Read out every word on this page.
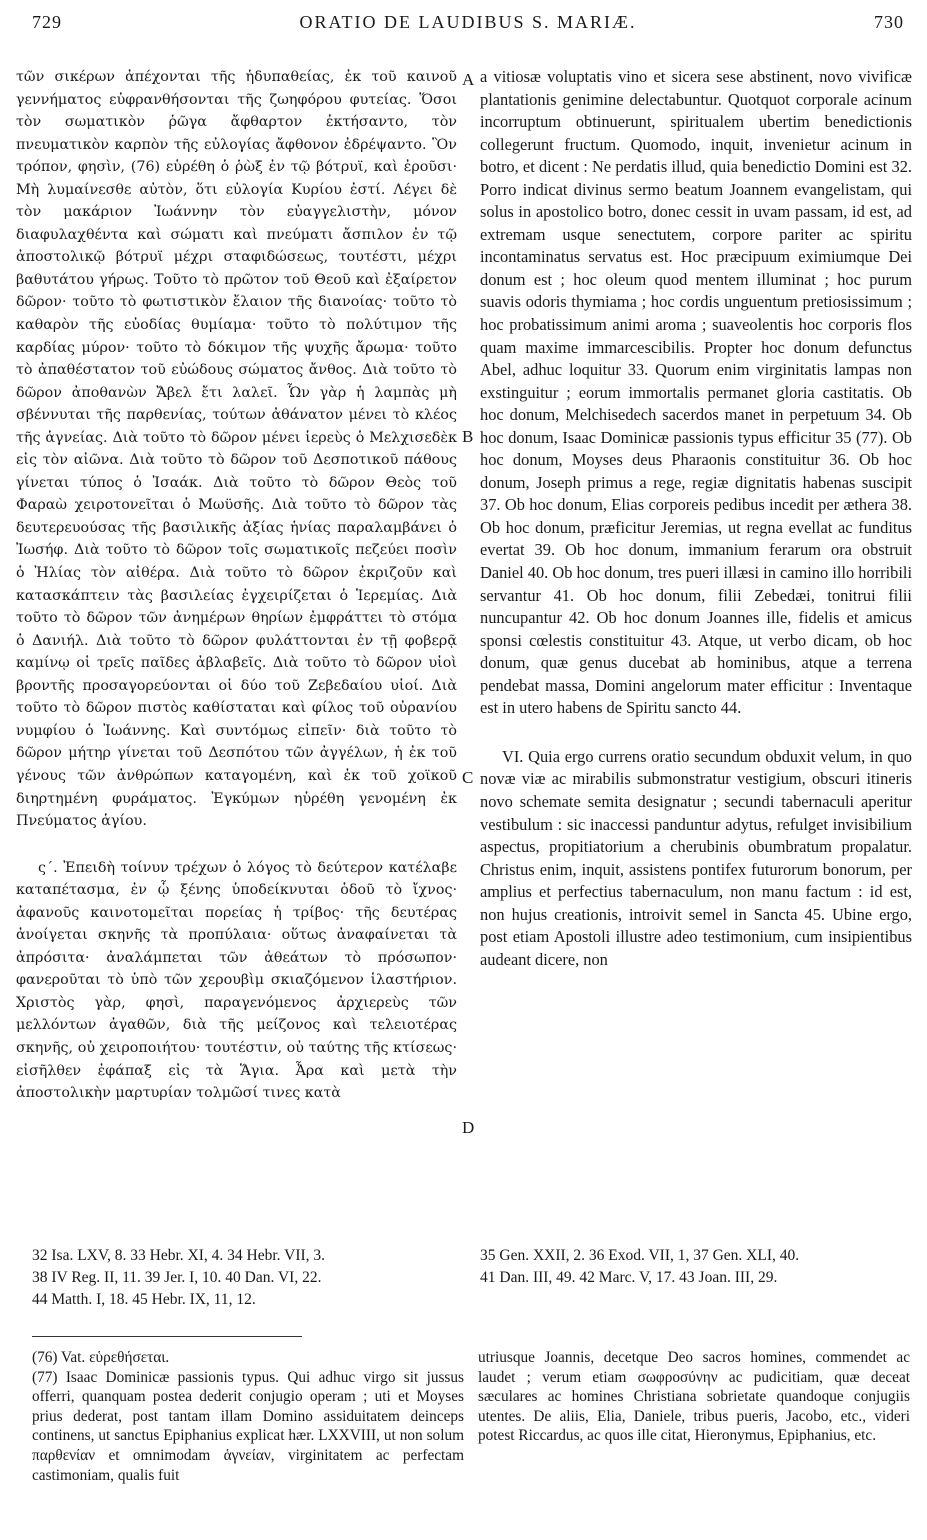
729	ORATIO DE LAUDIBUS S. MARIÆ.	730

τῶν σικέρων ἀπέχονται τῆς ἡδυπαθείας, ἐκ τοῦ καινοῦ γεννήματος εὐφρανθήσονται τῆς ζωηφόρου φυτείας. Ὅσοι τὸν σωματικὸν ῥῶγα ἄφθαρτον ἐκτήσαντο, τὸν πνευματικὸν καρπὸν τῆς εὐλογίας ἄφθονον ἐδρέψαντο. Ὃν τρόπον, φησὶν, (76) εὑρέθη ὁ ῥὼξ ἐν τῷ βότρυϊ, καὶ ἐροῦσι· Μὴ λυμαίνεσθε αὐτὸν, ὅτι εὐλογία Κυρίου ἐστί. Λέγει δὲ τὸν μακάριον Ἰωάννην τὸν εὐαγγελιστὴν, μόνον διαφυλαχθέντα καὶ σώματι καὶ πνεύματι ἄσπιλον ἐν τῷ ἀποστολικῷ βότρυϊ μέχρι σταφιδώσεως, τουτέστι, μέχρι βαθυτάτου γήρως. Τοῦτο τὸ πρῶτον τοῦ Θεοῦ καὶ ἐξαίρετον δῶρον· τοῦτο τὸ φωτιστικὸν ἔλαιον τῆς διανοίας· τοῦτο τὸ καθαρὸν τῆς εὐοδίας θυμίαμα· τοῦτο τὸ πολύτιμον τῆς καρδίας μύρον· τοῦτο τὸ δόκιμον τῆς ψυχῆς ἄρωμα· τοῦτο τὸ ἀπαθέστατον τοῦ εὐώδους σώματος ἄνθος. Διὰ τοῦτο τὸ δῶρον ἀποθανὼν Ἄβελ ἔτι λαλεῖ. Ὧν γὰρ ἡ λαμπὰς μὴ σβέννυται τῆς παρθενίας, τούτων ἀθάνατον μένει τὸ κλέος τῆς ἁγνείας. Διὰ τοῦτο τὸ δῶρον μένει ἱερεὺς ὁ Μελχισεδὲκ εἰς τὸν αἰῶνα. Διὰ τοῦτο τὸ δῶρον τοῦ Δεσποτικοῦ πάθους γίνεται τύπος ὁ Ἰσαάκ. Διὰ τοῦτο τὸ δῶρον Θεὸς τοῦ Φαραὼ χειροτονεῖται ὁ Μωϋσῆς. Διὰ τοῦτο τὸ δῶρον τὰς δευτερευούσας τῆς βασιλικῆς ἀξίας ἡνίας παραλαμβάνει ὁ Ἰωσήφ. Διὰ τοῦτο τὸ δῶρον τοῖς σωματικοῖς πεζεύει ποσὶν ὁ Ἠλίας τὸν αἰθέρα. Διὰ τοῦτο τὸ δῶρον ἐκριζοῦν καὶ κατασκάπτειν τὰς βασιλείας ἐγχειρίζεται ὁ Ἱερεμίας. Διὰ τοῦτο τὸ δῶρον τῶν ἀνημέρων θηρίων ἐμφράττει τὸ στόμα ὁ Δανιήλ. Διὰ τοῦτο τὸ δῶρον φυλάττονται ἐν τῇ φοβερᾷ καμίνῳ οἱ τρεῖς παῖδες ἀβλαβεῖς. Διὰ τοῦτο τὸ δῶρον υἱοὶ βροντῆς προσαγορεύονται οἱ δύο τοῦ Ζεβεδαίου υἱοί. Διὰ τοῦτο τὸ δῶρον πιστὸς καθίσταται καὶ φίλος τοῦ οὐρανίου νυμφίου ὁ Ἰωάννης. Καὶ συντόμως εἰπεῖν· διὰ τοῦτο τὸ δῶρον μήτηρ γίνεται τοῦ Δεσπότου τῶν ἀγγέλων, ἡ ἐκ τοῦ γένους τῶν ἀνθρώπων καταγομένη, καὶ ἐκ τοῦ χοϊκοῦ διηρτημένη φυράματος. Ἐγκύμων ηὑρέθη γενομένη ἐκ Πνεύματος ἁγίου.

ς΄. Ἐπειδὴ τοίνυν τρέχων ὁ λόγος τὸ δεύτερον κατέλαβε καταπέτασμα, ἐν ᾧ ξένης ὑποδείκνυται ὁδοῦ τὸ ἴχνος· ἀφανοῦς καινοτομεῖται πορείας ἡ τρίβος· τῆς δευτέρας ἀνοίγεται σκηνῆς τὰ προπύλαια· οὕτως ἀναφαίνεται τὰ ἀπρόσιτα· ἀναλάμπεται τῶν ἀθεάτων τὸ πρόσωπον· φανεροῦται τὸ ὑπὸ τῶν χερουβὶμ σκιαζόμενον ἱλαστήριον. Χριστὸς γὰρ, φησὶ, παραγενόμενος ἀρχιερεὺς τῶν μελλόντων ἀγαθῶν, διὰ τῆς μείζονος καὶ τελειοτέρας σκηνῆς, οὐ χειροποιήτου· τουτέστιν, οὐ ταύτης τῆς κτίσεως· εἰσῆλθεν ἐφάπαξ εἰς τὰ Ἅγια. Ἆρα καὶ μετὰ τὴν ἀποστολικὴν μαρτυρίαν τολμῶσί τινες κατὰ

a vitiosæ voluptatis vino et sicera sese abstinent, novo vivificæ plantationis genimine delectabuntur. Quotquot corporale acinum incorruptum obtinuerunt, spiritualem ubertim benedictionis collegerunt fructum. Quomodo, inquit, invenietur acinum in botro, et dicent : Ne perdatis illud, quia benedictio Domini est 32. Porro indicat divinus sermo beatum Joannem evangelistam, qui solus in apostolico botro, donec cessit in uvam passam, id est, ad extremam usque senectutem, corpore pariter ac spiritu incontaminatus servatus est. Hoc præcipuum eximiumque Dei donum est ; hoc oleum quod mentem illuminat ; hoc purum suavis odoris thymiama ; hoc cordis unguentum pretiosissimum ; hoc probatissimum animi aroma ; suaveolentis hoc corporis flos quam maxime immarcescibilis. Propter hoc donum defunctus Abel, adhuc loquitur 33. Quorum enim virginitatis lampas non exstinguitur ; eorum immortalis permanet gloria castitatis. Ob hoc donum, Melchisedech sacerdos manet in perpetuum 34. Ob hoc donum, Isaac Dominicæ passionis typus efficitur 35 (77). Ob hoc donum, Moyses deus Pharaonis constituitur 36. Ob hoc donum, Joseph primus a rege, regiæ dignitatis habenas suscipit 37. Ob hoc donum, Elias corporeis pedibus incedit per æthera 38. Ob hoc donum, præficitur Jeremias, ut regna evellat ac funditus evertat 39. Ob hoc donum, immanium ferarum ora obstruit Daniel 40. Ob hoc donum, tres pueri illæsi in camino illo horribili servantur 41. Ob hoc donum, filii Zebedæi, tonitrui filii nuncupantur 42. Ob hoc donum Joannes ille, fidelis et amicus sponsi cœlestis constituitur 43. Atque, ut verbo dicam, ob hoc donum, quæ genus ducebat ab hominibus, atque a terrena pendebat massa, Domini angelorum mater efficitur : Inventaque est in utero habens de Spiritu sancto 44.

VI. Quia ergo currens oratio secundum obduxit velum, in quo novæ viæ ac mirabilis submonstratur vestigium, obscuri itineris novo schemate semita designatur ; secundi tabernaculi aperitur vestibulum : sic inaccessi panduntur adytus, refulget invisibilium aspectus, propitiatorium a cherubinis obumbratum propalatur. Christus enim, inquit, assistens pontifex futurorum bonorum, per amplius et perfectius tabernaculum, non manu factum : id est, non hujus creationis, introivit semel in Sancta 45. Ubine ergo, post etiam Apostoli illustre adeo testimonium, cum insipientibus audeant dicere, non

A
B
C
D
32 Isa. LXV, 8. 33 Hebr. XI, 4. 34 Hebr. VII, 3.
38 IV Reg. II, 11. 39 Jer. I, 10. 40 Dan. VI, 22.
44 Matth. I, 18. 45 Hebr. IX, 11, 12.
35 Gen. XXII, 2. 36 Exod. VII, 1, 37 Gen. XLI, 40.
41 Dan. III, 49. 42 Marc. V, 17. 43 Joan. III, 29.

(76) Vat. εὑρεθήσεται.

(77) Isaac Dominicæ passionis typus. Qui adhuc virgo sit jussus offerri, quanquam postea dederit conjugio operam ; uti et Moyses prius dederat, post tantam illam Domino assiduitatem deinceps continens, ut sanctus Epiphanius explicat hær. LXXVIII, ut non solum παρθενίαν et omnimodam ἁγνείαν, virginitatem ac perfectam castimoniam, qualis fuit

utriusque Joannis, decetque Deo sacros homines, commendet ac laudet ; verum etiam σωφροσύνην ac pudicitiam, quæ deceat sæculares ac homines Christiana sobrietate quandoque conjugiis utentes. De aliis, Elia, Daniele, tribus pueris, Jacobo, etc., videri potest Riccardus, ac quos ille citat, Hieronymus, Epiphanius, etc.
